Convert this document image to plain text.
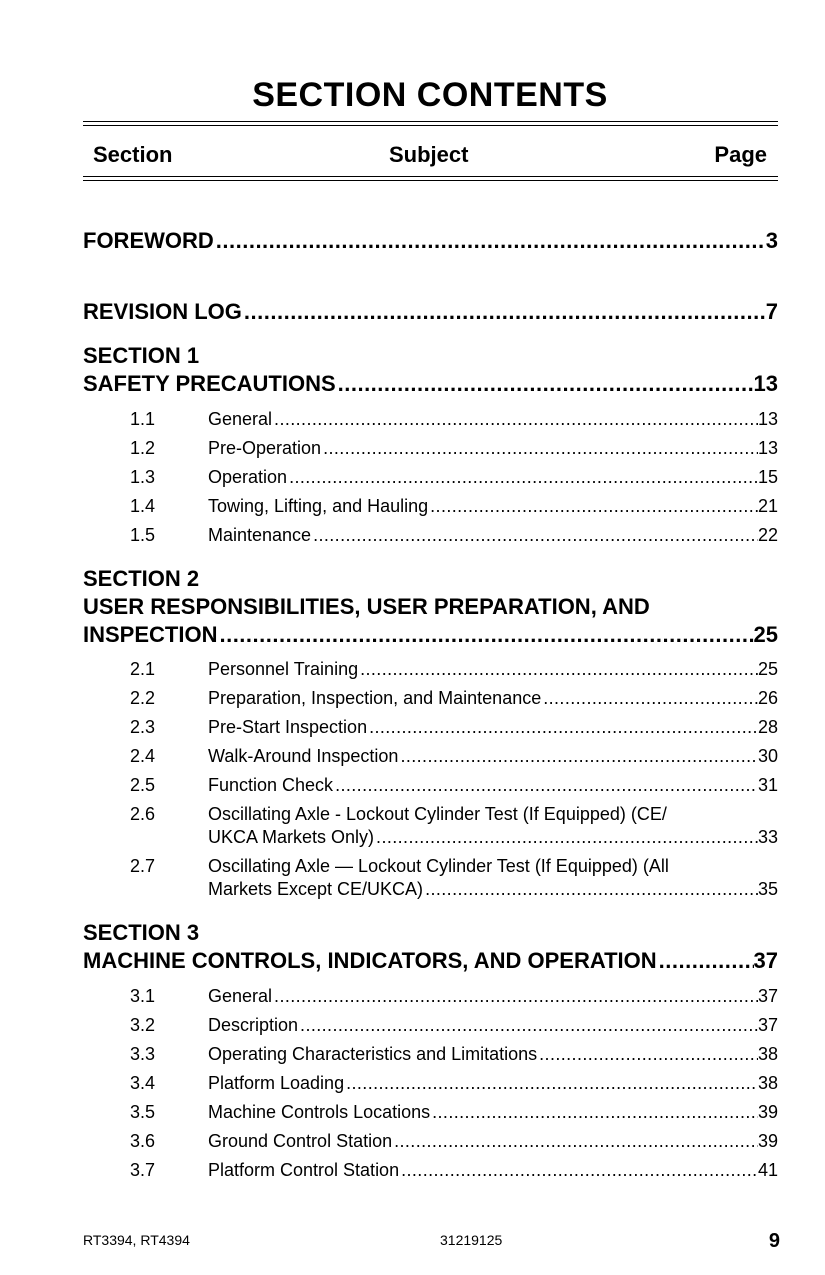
SECTION CONTENTS
Section	Subject	Page
FOREWORD .....	3
REVISION LOG .....	7
SECTION 1
SAFETY PRECAUTIONS .....	13
1.1	General .....	13
1.2	Pre-Operation .....	13
1.3	Operation .....	15
1.4	Towing, Lifting, and Hauling .....	21
1.5	Maintenance .....	22
SECTION 2
USER RESPONSIBILITIES, USER PREPARATION, AND
INSPECTION .....	25
2.1	Personnel Training .....	25
2.2	Preparation, Inspection, and Maintenance .....	26
2.3	Pre-Start Inspection .....	28
2.4	Walk-Around Inspection .....	30
2.5	Function Check .....	31
2.6	Oscillating Axle - Lockout Cylinder Test (If Equipped) (CE/
UKCA Markets Only) .....	33
2.7	Oscillating Axle — Lockout Cylinder Test (If Equipped) (All
Markets Except CE/UKCA) .....	35
SECTION 3
MACHINE CONTROLS, INDICATORS, AND OPERATION .....	37
3.1	General .....	37
3.2	Description .....	37
3.3	Operating Characteristics and Limitations .....	38
3.4	Platform Loading .....	38
3.5	Machine Controls Locations .....	39
3.6	Ground Control Station .....	39
3.7	Platform Control Station .....	41
RT3394, RT4394	31219125	9
